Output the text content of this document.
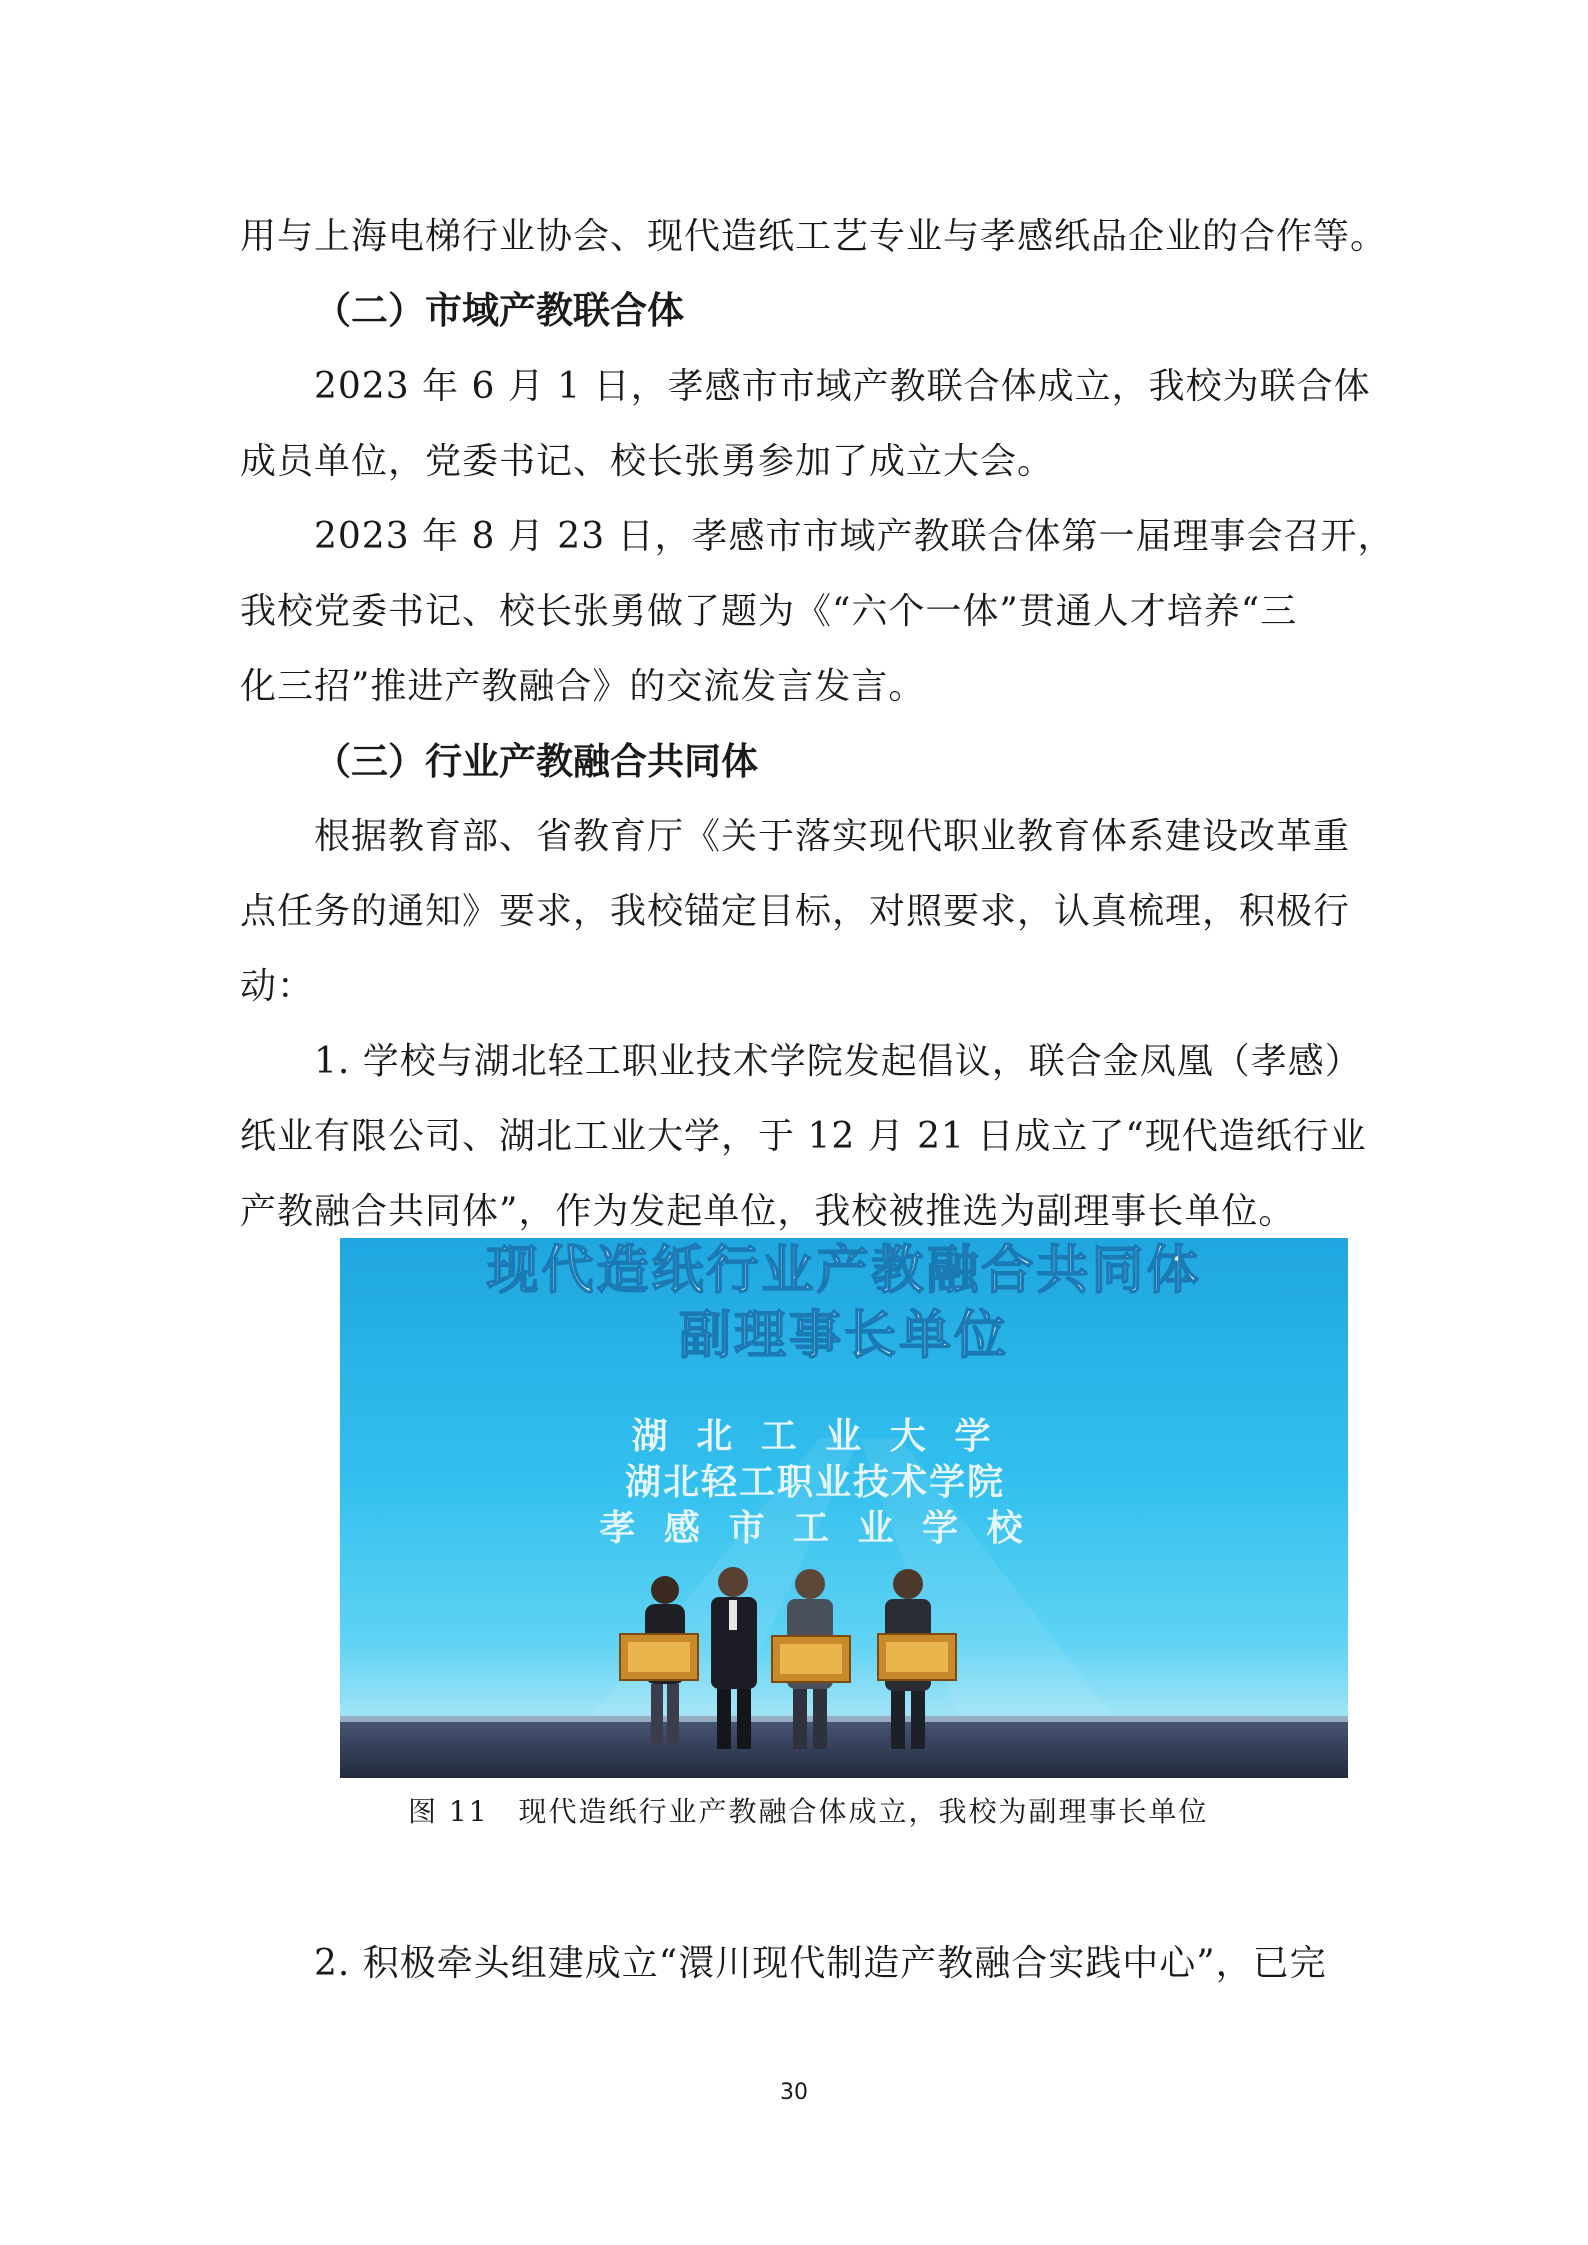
用与上海电梯行业协会、现代造纸工艺专业与孝感纸品企业的合作等。
（二）市域产教联合体
2023 年 6 月 1 日，孝感市市域产教联合体成立，我校为联合体
成员单位，党委书记、校长张勇参加了成立大会。
2023 年 8 月 23 日，孝感市市域产教联合体第一届理事会召开，
我校党委书记、校长张勇做了题为《“六个一体”贯通人才培养“三
化三招”推进产教融合》的交流发言发言。
（三）行业产教融合共同体
根据教育部、省教育厅《关于落实现代职业教育体系建设改革重
点任务的通知》要求，我校锚定目标，对照要求，认真梳理，积极行
动：
1. 学校与湖北轻工职业技术学院发起倡议，联合金凤凰（孝感）
纸业有限公司、湖北工业大学，于 12 月 21 日成立了“现代造纸行业
产教融合共同体”，作为发起单位，我校被推选为副理事长单位。
现代造纸行业产教融合共同体
副理事长单位
湖 北 工 业 大 学
湖北轻工职业技术学院
孝 感 市 工 业 学 校
图 11　现代造纸行业产教融合体成立，我校为副理事长单位
2. 积极牵头组建成立“澴川现代制造产教融合实践中心”，已完
30
